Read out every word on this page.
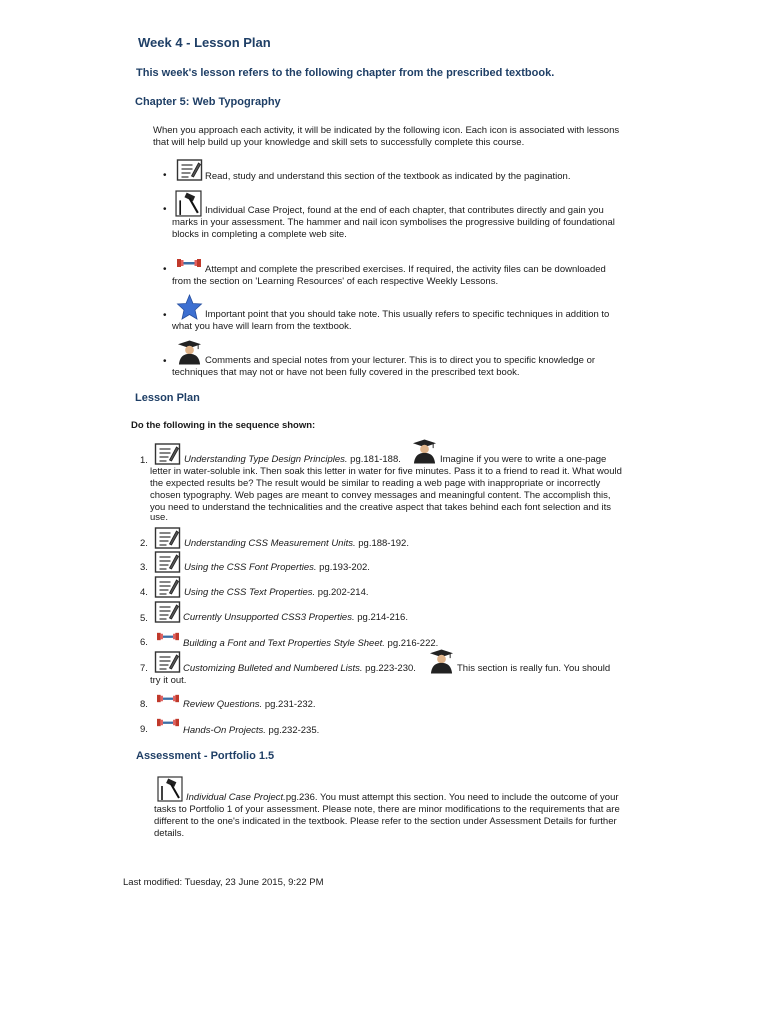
Week 4 - Lesson Plan
This week's lesson refers to the following chapter from the prescribed textbook.
Chapter 5: Web Typography
When you approach each activity, it will be indicated by the following icon. Each icon is associated with lessons
that will help build up your knowledge and skill sets to successfully complete this course.
•	Read, study and understand this section of the textbook as indicated by the pagination.
•	Individual Case Project, found at the end of each chapter, that contributes directly and gain you
marks in your assessment. The hammer and nail icon symbolises the progressive building of foundational
blocks in completing a complete web site.
•	Attempt and complete the prescribed exercises. If required, the activity files can be downloaded
from the section on 'Learning Resources' of each respective Weekly Lessons.
•	Important point that you should take note. This usually refers to specific techniques in addition to
what you have will learn from the textbook.
•	Comments and special notes from your lecturer. This is to direct you to specific knowledge or
techniques that may not or have not been fully covered in the prescribed text book.
Lesson Plan
Do the following in the sequence shown:
1.	Understanding Type Design Principles. pg.181-188.	Imagine if you were to write a one-page
letter in water-soluble ink. Then soak this letter in water for five minutes. Pass it to a friend to read it. What would
the expected results be? The result would be similar to reading a web page with inappropriate or incorrectly
chosen typography. Web pages are meant to convey messages and meaningful content. The accomplish this,
you need to understand the technicalities and the creative aspect that takes behind each font selection and its
use.
2.	Understanding CSS Measurement Units. pg.188-192.
3.	Using the CSS Font Properties. pg.193-202.
4.	Using the CSS Text Properties. pg.202-214.
5.	Currently Unsupported CSS3 Properties. pg.214-216.
6.	Building a Font and Text Properties Style Sheet. pg.216-222.
7.	Customizing Bulleted and Numbered Lists. pg.223-230.	This section is really fun. You should
try it out.
8.	Review Questions. pg.231-232.
9.	Hands-On Projects. pg.232-235.
Assessment - Portfolio 1.5
Individual Case Project.pg.236. You must attempt this section. You need to include the outcome of your
tasks to Portfolio 1 of your assessment. Please note, there are minor modifications to the requirements that are
different to the one's indicated in the textbook. Please refer to the section under Assessment Details for further
details.
Last modified: Tuesday, 23 June 2015, 9:22 PM
